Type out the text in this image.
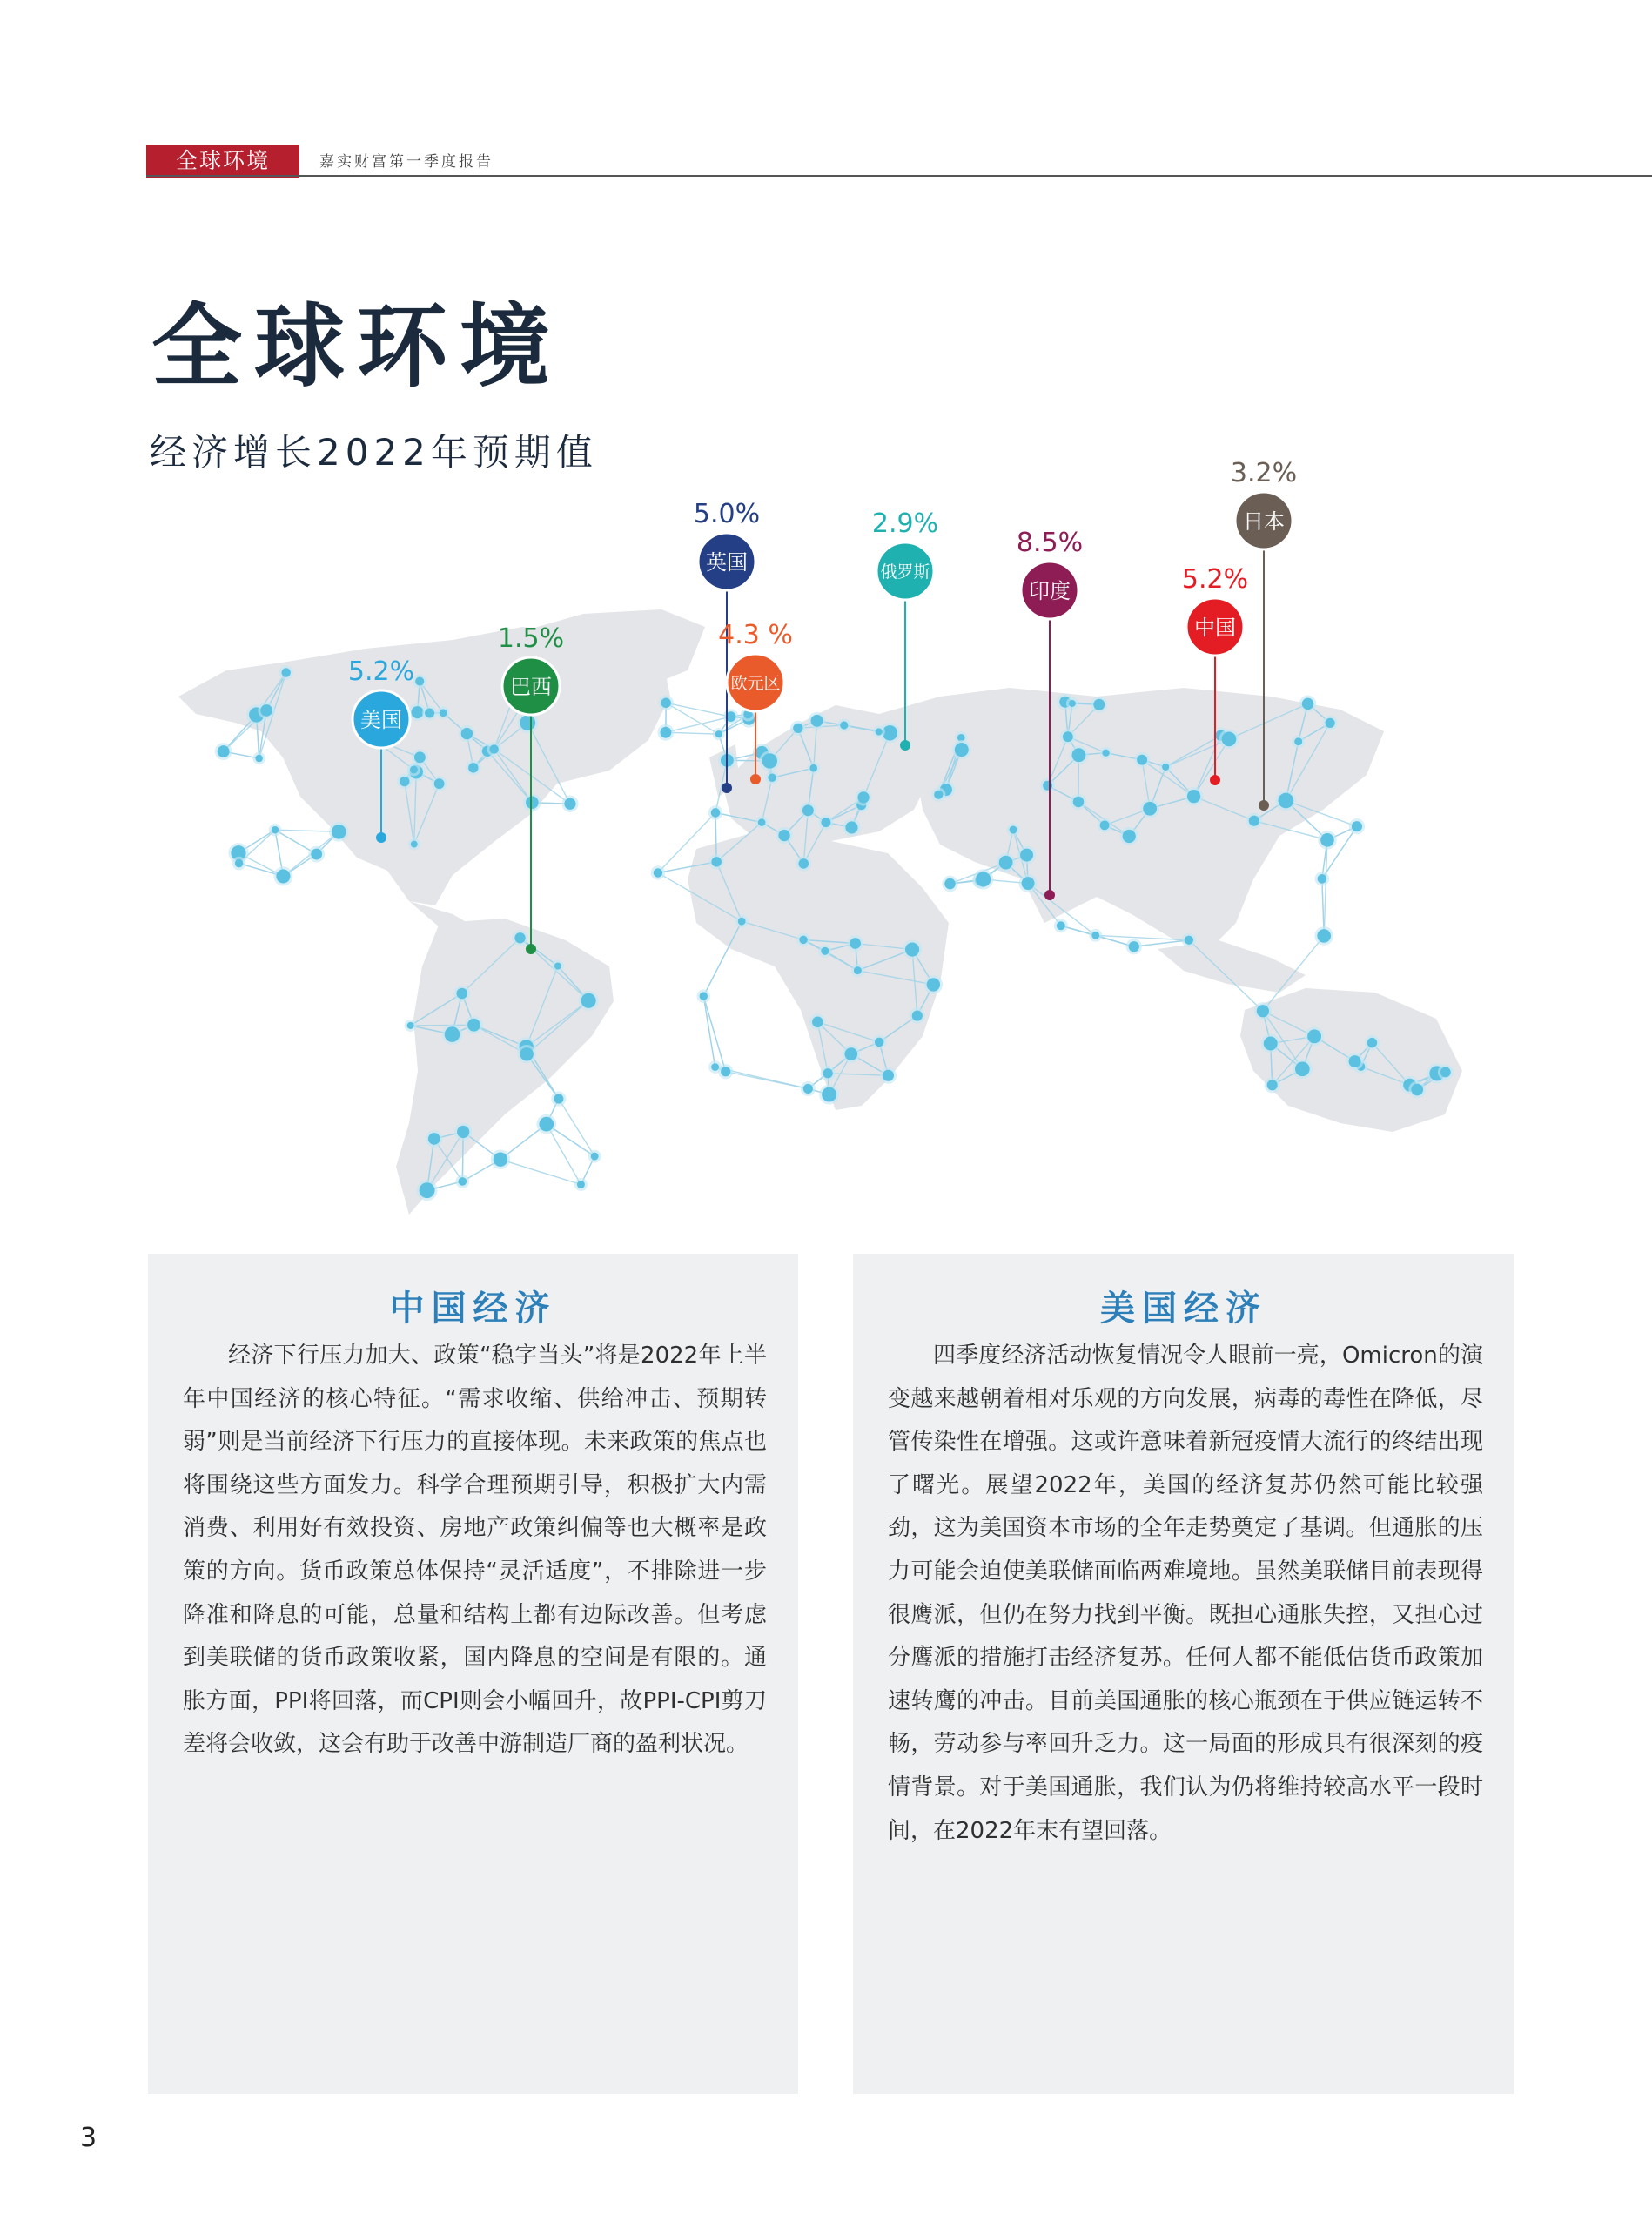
全球环境	嘉实财富第一季度报告
全球环境
经济增长2022年预期值
美国
5.2%	巴西
1.5%
英国
5.0%
欧元区
4.3 %
俄罗斯
2.9%
印度
8.5%
中国
5.2%
日本
3.2%
中国经济

经济下行压力加大、政策“稳字当头”将是2022年上半年中国经济的核心特征。“需求收缩、供给冲击、预期转弱”则是当前经济下行压力的直接体现。未来政策的焦点也将围绕这些方面发力。科学合理预期引导，积极扩大内需消费、利用好有效投资、房地产政策纠偏等也大概率是政策的方向。货币政策总体保持“灵活适度”，不排除进一步降准和降息的可能，总量和结构上都有边际改善。但考虑到美联储的货币政策收紧，国内降息的空间是有限的。通胀方面，PPI将回落，而CPI则会小幅回升，故PPI-CPI剪刀差将会收敛，这会有助于改善中游制造厂商的盈利状况。

美国经济

四季度经济活动恢复情况令人眼前一亮，Omicron的演变越来越朝着相对乐观的方向发展，病毒的毒性在降低，尽管传染性在增强。这或许意味着新冠疫情大流行的终结出现了曙光。展望2022年，美国的经济复苏仍然可能比较强劲，这为美国资本市场的全年走势奠定了基调。但通胀的压力可能会迫使美联储面临两难境地。虽然美联储目前表现得很鹰派，但仍在努力找到平衡。既担心通胀失控，又担心过分鹰派的措施打击经济复苏。任何人都不能低估货币政策加速转鹰的冲击。目前美国通胀的核心瓶颈在于供应链运转不畅，劳动参与率回升乏力。这一局面的形成具有很深刻的疫情背景。对于美国通胀，我们认为仍将维持较高水平一段时间，在2022年末有望回落。

3
